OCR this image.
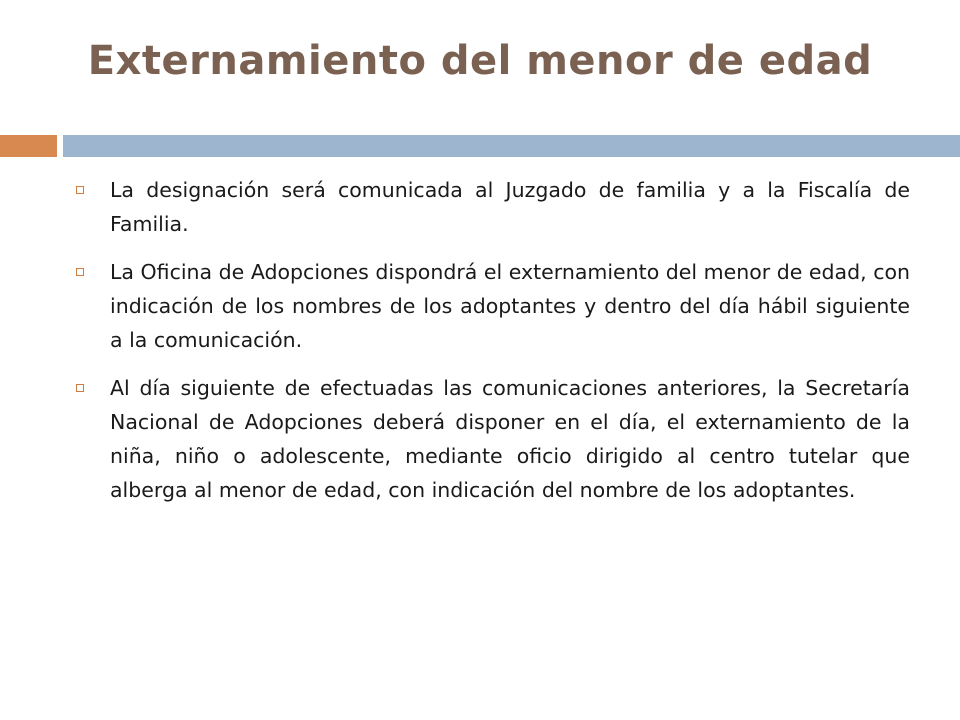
Externamiento del menor de edad
La designación será comunicada al Juzgado de familia y a la Fiscalía de Familia.
La Oficina de Adopciones dispondrá el externamiento del menor de edad, con indicación de los nombres de los adoptantes y dentro del día hábil siguiente a la comunicación.
Al día siguiente de efectuadas las comunicaciones anteriores, la Secretaría Nacional de Adopciones deberá disponer en el día, el externamiento de la niña, niño o adolescente, mediante oficio dirigido al centro tutelar que alberga al menor de edad, con indicación del nombre de los adoptantes.
